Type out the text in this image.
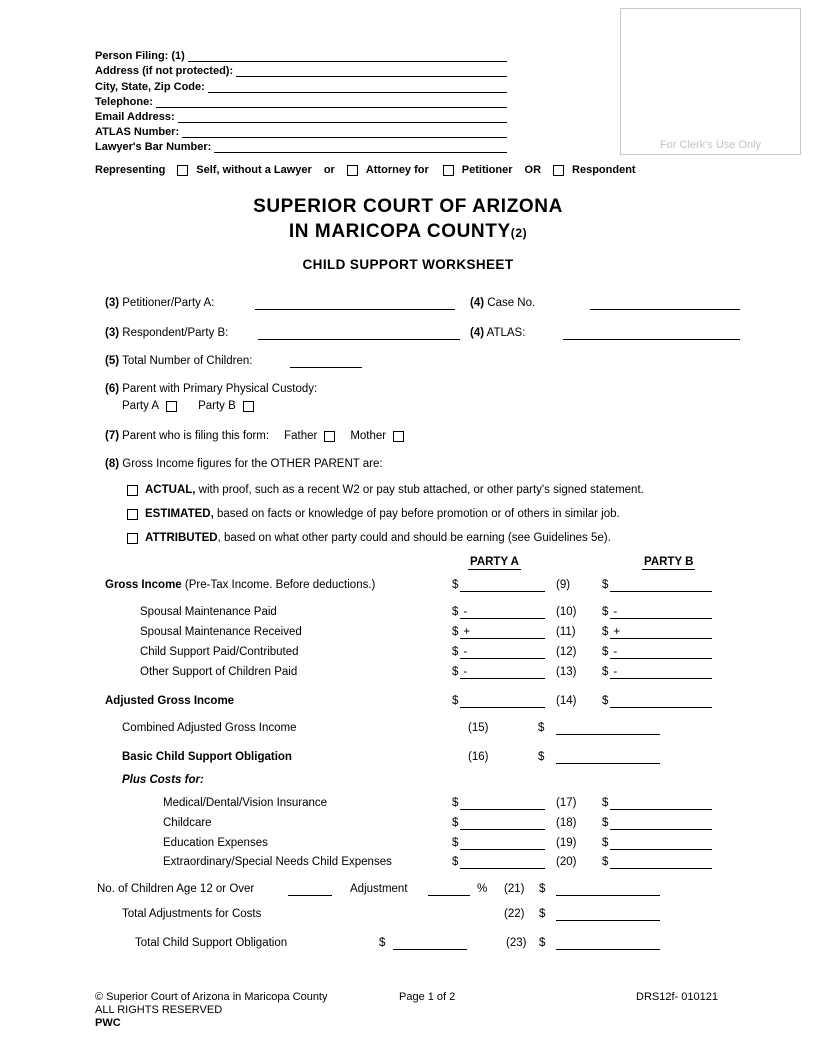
For Clerk's Use Only
Person Filing: (1)
Address (if not protected):
City, State, Zip Code:
Telephone:
Email Address:
ATLAS Number:
Lawyer's Bar Number:
Representing	Self, without a Lawyer or	Attorney for	Petitioner OR	Respondent
SUPERIOR COURT OF ARIZONA
IN MARICOPA COUNTY(2)
CHILD SUPPORT WORKSHEET
(3) Petitioner/Party A:	(4) Case No.
(3) Respondent/Party B:	(4) ATLAS:
(5) Total Number of Children:
(6) Parent with Primary Physical Custody:
Party A	Party B
(7) Parent who is filing this form: Father	Mother
(8) Gross Income figures for the OTHER PARENT are:
ACTUAL, with proof, such as a recent W2 or pay stub attached, or other party's signed statement.
ESTIMATED, based on facts or knowledge of pay before promotion or of others in similar job.
ATTRIBUTED, based on what other party could and should be earning (see Guidelines 5e).
PARTY A	PARTY B
Gross Income (Pre-Tax Income. Before deductions.)	$	(9)	$
Spousal Maintenance Paid	$ -	(10) $ -
Spousal Maintenance Received	$ +	(11) $ +
Child Support Paid/Contributed	$ -	(12) $ -
Other Support of Children Paid	$ -	(13) $ -
Adjusted Gross Income	$	(14) $
Combined Adjusted Gross Income	(15)	$
Basic Child Support Obligation	(16)	$
Plus Costs for:
Medical/Dental/Vision Insurance	$	(17) $
Childcare	$	(18) $
Education Expenses	$	(19) $
Extraordinary/Special Needs Child Expenses	$	(20) $
No. of Children Age 12 or Over	Adjustment	% (21) $
Total Adjustments for Costs	(22) $
Total Child Support Obligation	$	(23) $
© Superior Court of Arizona in Maricopa County	Page 1 of 2	DRS12f- 010121
ALL RIGHTS RESERVED
PWC
